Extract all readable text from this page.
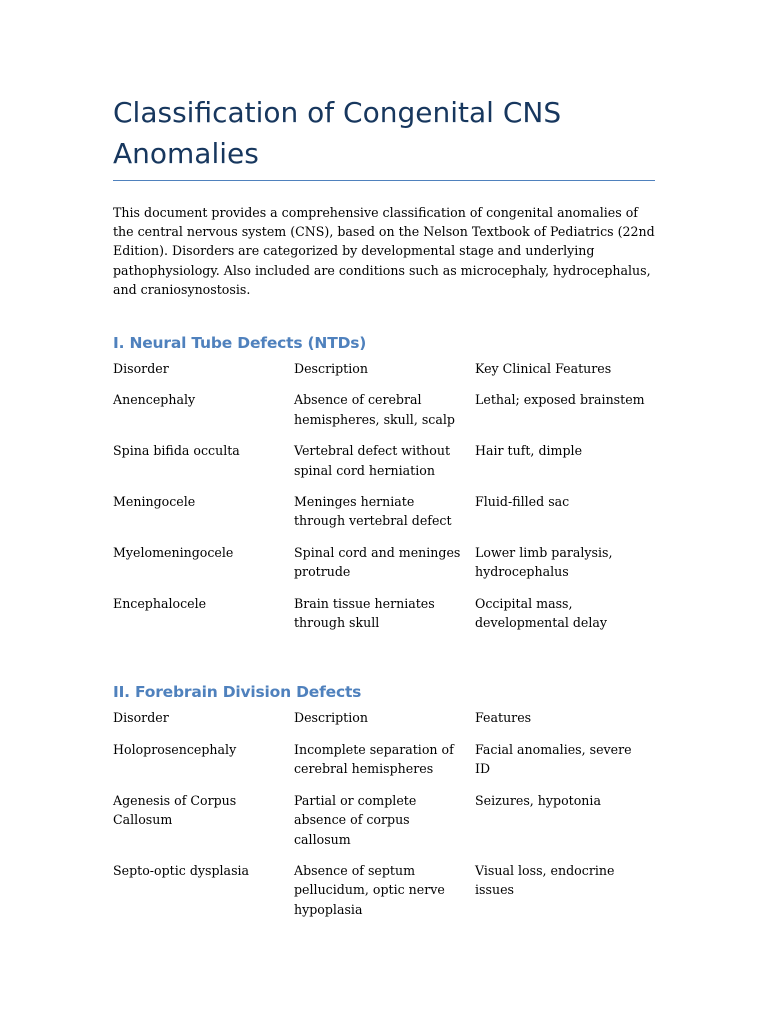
Classification of Congenital CNS Anomalies

This document provides a comprehensive classification of congenital anomalies of the central nervous system (CNS), based on the Nelson Textbook of Pediatrics (22nd Edition). Disorders are categorized by developmental stage and underlying pathophysiology. Also included are conditions such as microcephaly, hydrocephalus, and craniosynostosis.

I. Neural Tube Defects (NTDs)
Disorder	Description	Key Clinical Features
Anencephaly	Absence of cerebral hemispheres, skull, scalp	Lethal; exposed brainstem
Spina bifida occulta	Vertebral defect without spinal cord herniation	Hair tuft, dimple
Meningocele	Meninges herniate through vertebral defect	Fluid-filled sac
Myelomeningocele	Spinal cord and meninges protrude	Lower limb paralysis, hydrocephalus
Encephalocele	Brain tissue herniates through skull	Occipital mass, developmental delay
II. Forebrain Division Defects
Disorder	Description	Features
Holoprosencephaly	Incomplete separation of cerebral hemispheres	Facial anomalies, severe ID
Agenesis of Corpus Callosum	Partial or complete absence of corpus callosum	Seizures, hypotonia
Septo-optic dysplasia	Absence of septum pellucidum, optic nerve hypoplasia	Visual loss, endocrine issues
